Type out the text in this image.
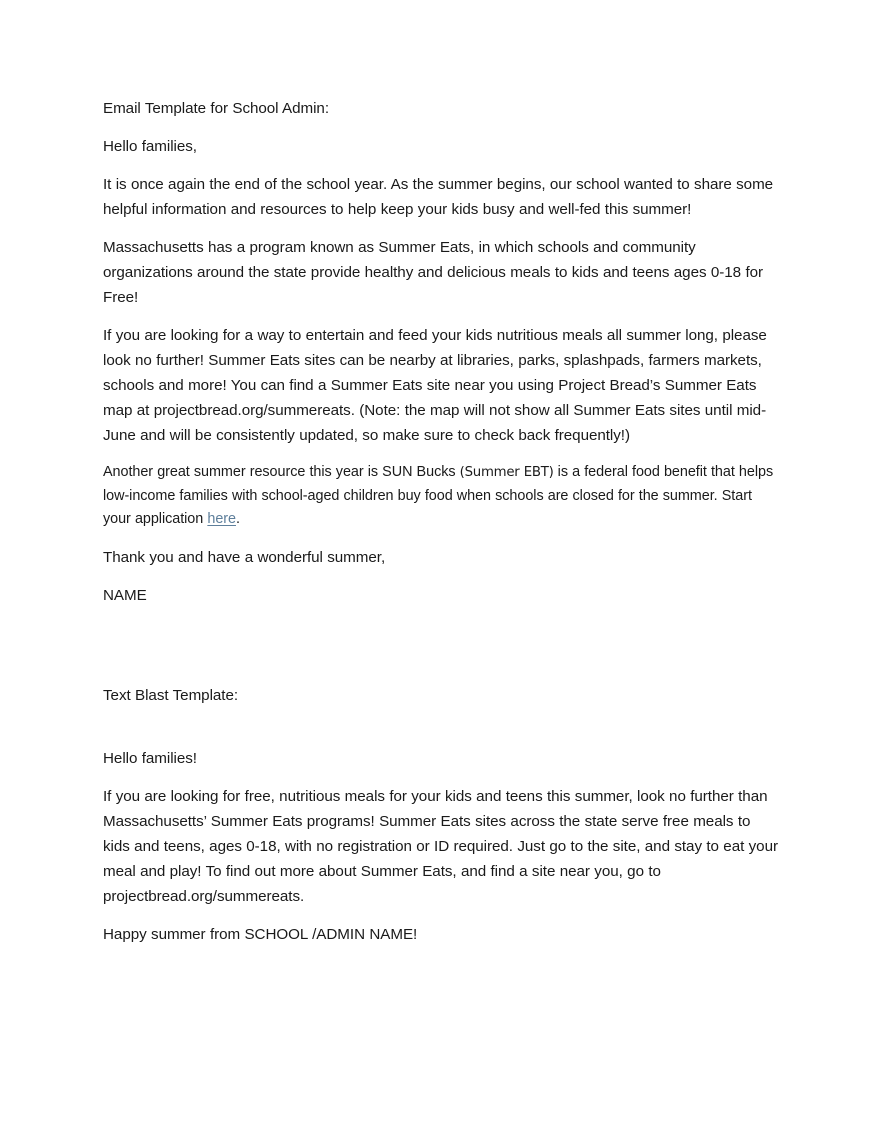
Email Template for School Admin:

Hello families,

It is once again the end of the school year. As the summer begins, our school wanted to share some helpful information and resources to help keep your kids busy and well-fed this summer!

Massachusetts has a program known as Summer Eats, in which schools and community organizations around the state provide healthy and delicious meals to kids and teens ages 0-18 for Free!

If you are looking for a way to entertain and feed your kids nutritious meals all summer long, please look no further! Summer Eats sites can be nearby at libraries, parks, splashpads, farmers markets, schools and more! You can find a Summer Eats site near you using Project Bread’s Summer Eats map at projectbread.org/summereats. (Note: the map will not show all Summer Eats sites until mid-June and will be consistently updated, so make sure to check back frequently!)

Another great summer resource this year is SUN Bucks (Summer EBT) is a federal food benefit that helps low-income families with school-aged children buy food when schools are closed for the summer. Start your application here.

Thank you and have a wonderful summer,

NAME

Text Blast Template:

Hello families!

If you are looking for free, nutritious meals for your kids and teens this summer, look no further than Massachusetts’ Summer Eats programs! Summer Eats sites across the state serve free meals to kids and teens, ages 0-18, with no registration or ID required. Just go to the site, and stay to eat your meal and play! To find out more about Summer Eats, and find a site near you, go to projectbread.org/summereats.

Happy summer from SCHOOL /ADMIN NAME!
